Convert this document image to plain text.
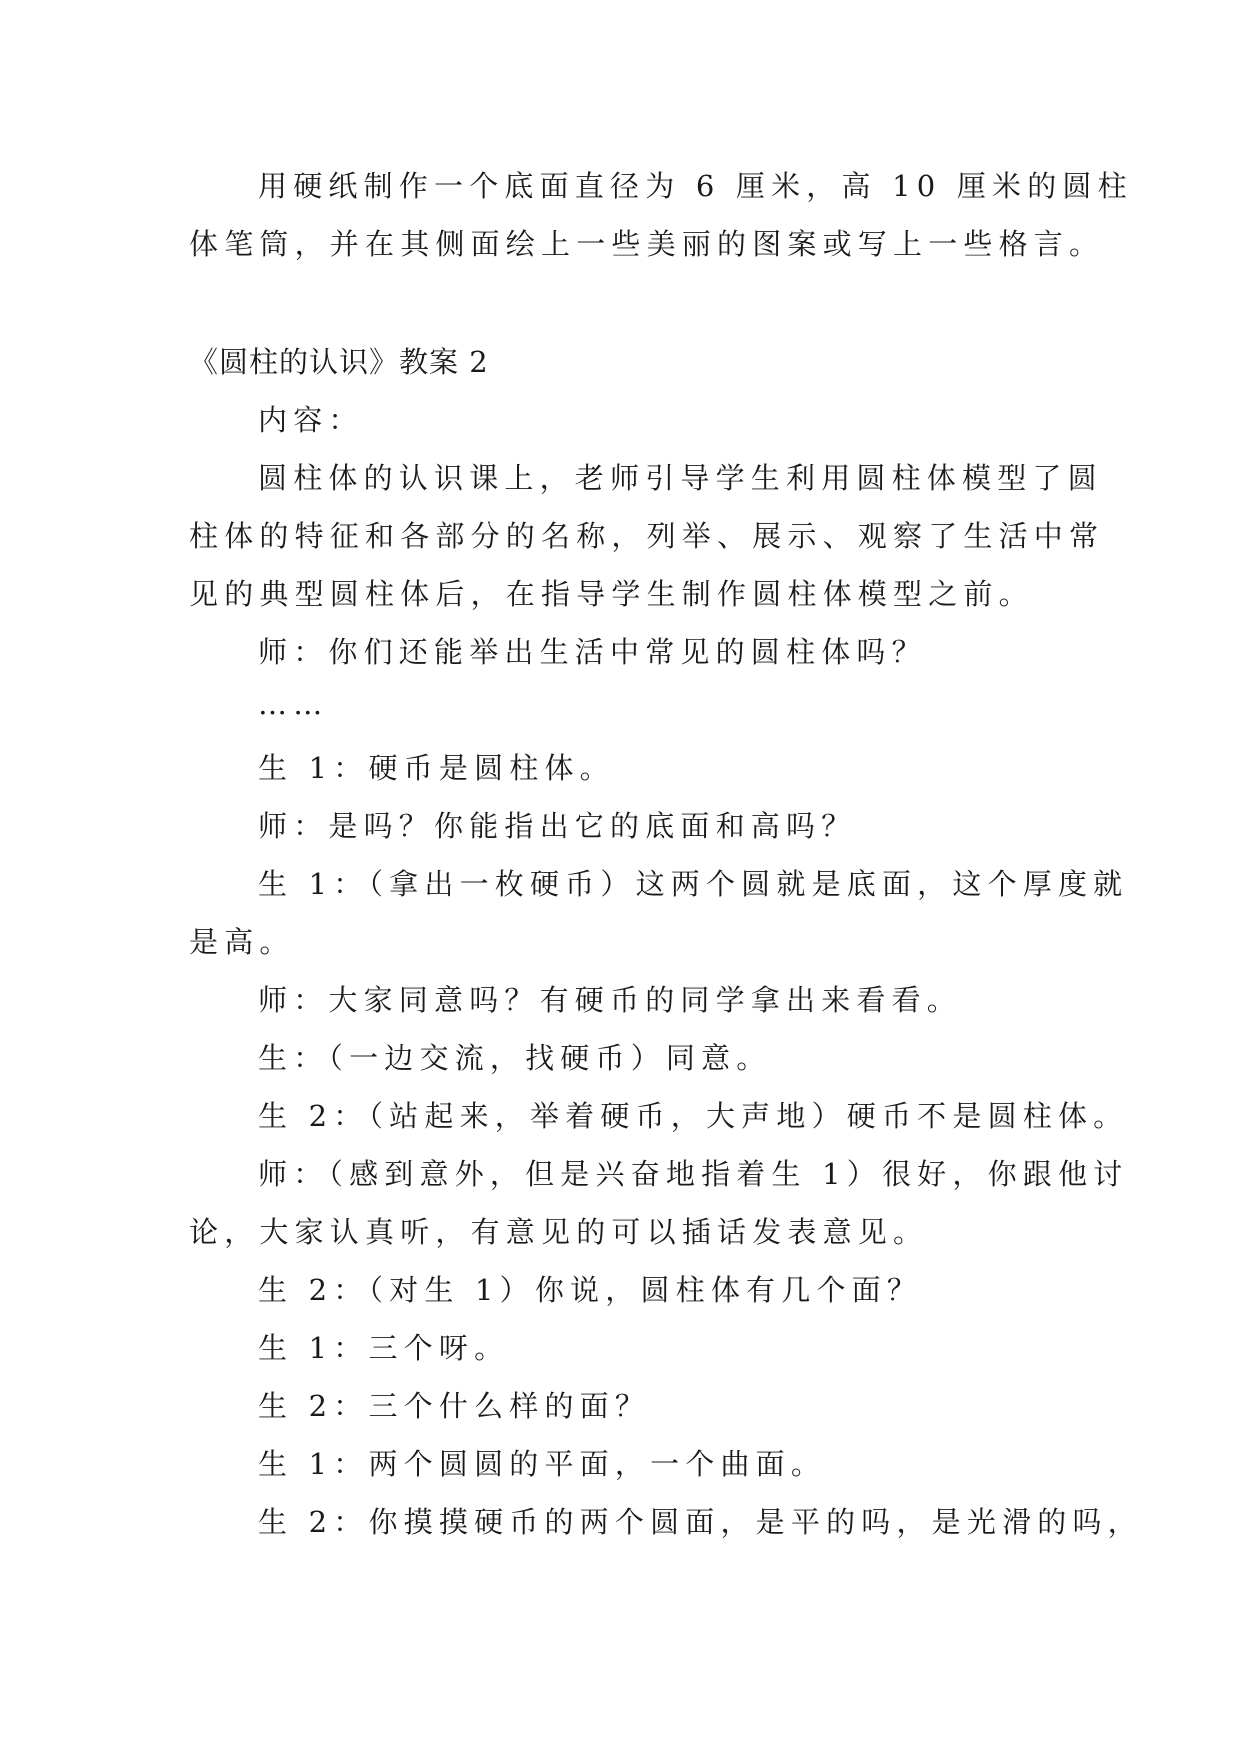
用硬纸制作一个底面直径为 6 厘米，高 10 厘米的圆柱
体笔筒，并在其侧面绘上一些美丽的图案或写上一些格言。
《圆柱的认识》教案 2
内容：
圆柱体的认识课上，老师引导学生利用圆柱体模型了圆
柱体的特征和各部分的名称，列举、展示、观察了生活中常
见的典型圆柱体后，在指导学生制作圆柱体模型之前。
师：你们还能举出生活中常见的圆柱体吗？
……
生 1：硬币是圆柱体。
师：是吗？你能指出它的底面和高吗？
生 1：（拿出一枚硬币）这两个圆就是底面，这个厚度就
是高。
师：大家同意吗？有硬币的同学拿出来看看。
生：（一边交流，找硬币）同意。
生 2：（站起来，举着硬币，大声地）硬币不是圆柱体。
师：（感到意外，但是兴奋地指着生 1）很好，你跟他讨
论，大家认真听，有意见的可以插话发表意见。
生 2：（对生 1）你说，圆柱体有几个面？
生 1：三个呀。
生 2：三个什么样的面？
生 1：两个圆圆的平面，一个曲面。
生 2：你摸摸硬币的两个圆面，是平的吗，是光滑的吗，
